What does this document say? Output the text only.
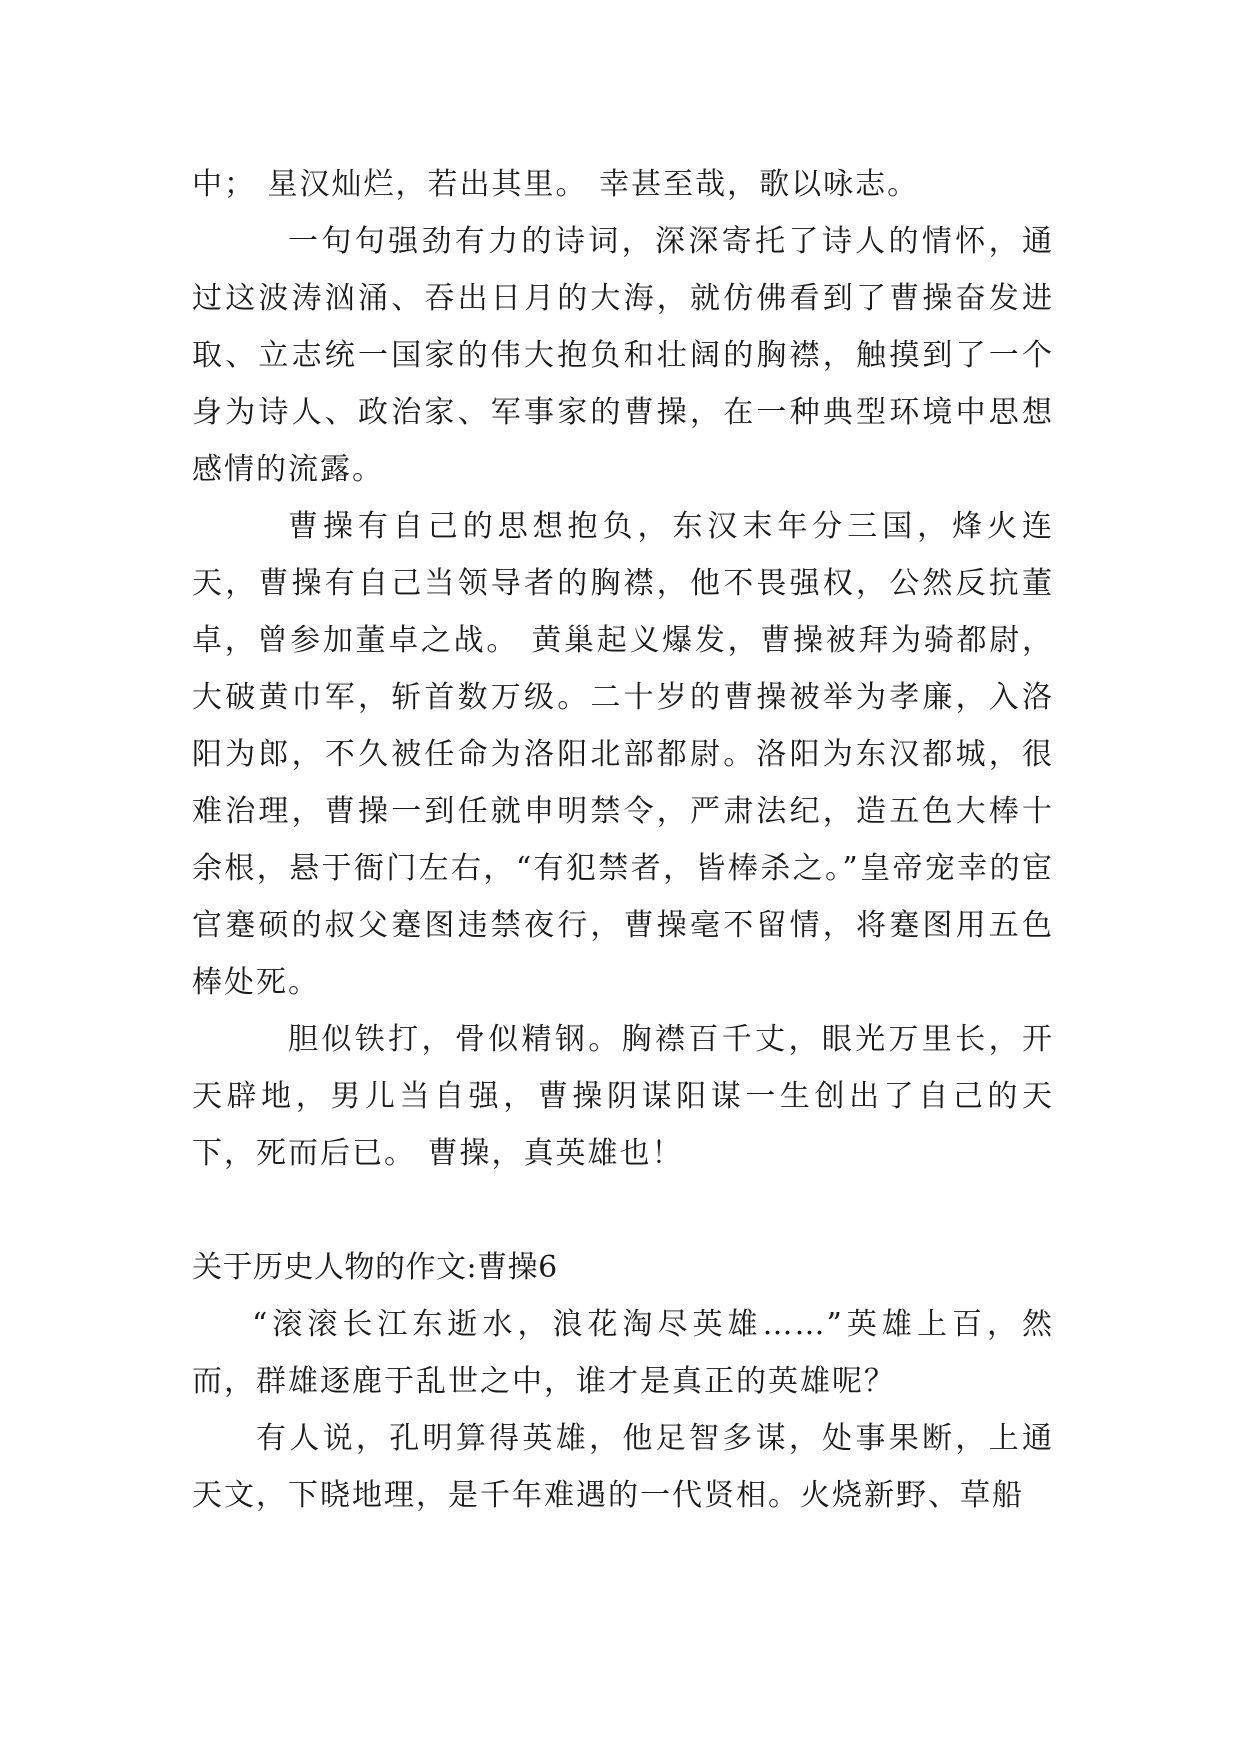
中； 星汉灿烂，若出其里。 幸甚至哉，歌以咏志。

一句句强劲有力的诗词，深深寄托了诗人的情怀，通过这波涛汹涌、吞出日月的大海，就仿佛看到了曹操奋发进取、立志统一国家的伟大抱负和壮阔的胸襟，触摸到了一个身为诗人、政治家、军事家的曹操，在一种典型环境中思想感情的流露。

曹操有自己的思想抱负，东汉末年分三国，烽火连天，曹操有自己当领导者的胸襟，他不畏强权，公然反抗董卓，曾参加董卓之战。 黄巢起义爆发，曹操被拜为骑都尉，大破黄巾军，斩首数万级。二十岁的曹操被举为孝廉，入洛阳为郎，不久被任命为洛阳北部都尉。洛阳为东汉都城，很难治理，曹操一到任就申明禁令，严肃法纪，造五色大棒十余根，悬于衙门左右，“有犯禁者，皆棒杀之。”皇帝宠幸的宦官蹇硕的叔父蹇图违禁夜行，曹操毫不留情，将蹇图用五色棒处死。

胆似铁打，骨似精钢。胸襟百千丈，眼光万里长，开天辟地，男儿当自强，曹操阴谋阳谋一生创出了自己的天下，死而后已。 曹操，真英雄也！

关于历史人物的作文:曹操6

“滚滚长江东逝水，浪花淘尽英雄……”英雄上百，然而，群雄逐鹿于乱世之中，谁才是真正的英雄呢？

有人说，孔明算得英雄，他足智多谋，处事果断，上通天文，下晓地理，是千年难遇的一代贤相。火烧新野、草船
